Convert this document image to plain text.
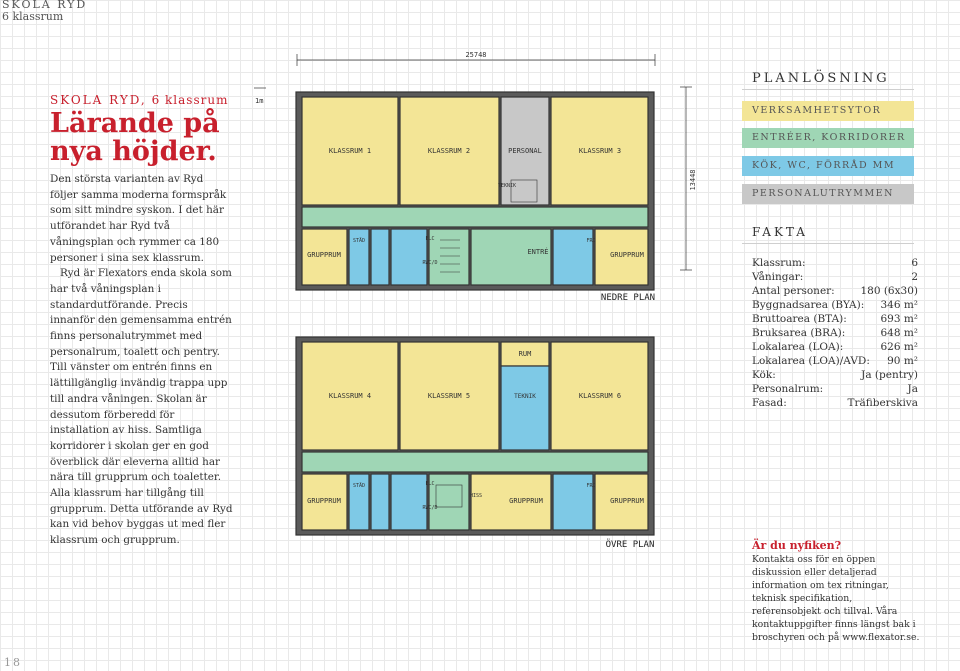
SKOLA RYD
6 klassrum
SKOLA RYD, 6 klassrum
Lärande på
nya höjder.

Den största varianten av Ryd följer samma moderna formspråk som sitt mindre syskon. I det här utförandet har Ryd två våningsplan och rymmer ca 180 personer i sina sex klassrum.
Ryd är Flexators enda skola som har två våningsplan i standardutförande. Precis innanför den gemensamma entrén finns personalutrymmet med personalrum, toalett och pentry. Till vänster om entrén finns en lättillgänglig invändig trappa upp till andra våningen. Skolan är dessutom förberedd för installation av hiss. Samtliga korridorer i skolan ger en god överblick där eleverna alltid har nära till grupprum och toaletter. Alla klassrum har tillgång till grupprum. Detta utförande av Ryd kan vid behov byggas ut med fler klassrum och grupprum.

18
25748
13448
1m
KLASSRUM 1	KLASSRUM 2	PERSONAL	KLASSRUM 3
TEKNIK
GRUPPRUM
STÄD	ELC
RWC/D
ENTRÉ
FRD
GRUPPRUM
NEDRE PLAN
KLASSRUM 4	KLASSRUM 5
RUM
TEKNIK	KLASSRUM 6
GRUPPRUM
STÄD	ELC
RWC/D
HISS
GRUPPRUM
FRD
GRUPPRUM
ÖVRE PLAN
PLANLÖSNING
VERKSAMHETSYTOR
ENTRÉER, KORRIDORER
KÖK, WC, FÖRRÅD MM
PERSONALUTRYMMEN
FAKTA
Klassrum:	6
Våningar:	2
Antal personer: 180 (6x30)
Byggnadsarea (BYA): 346 m²
Bruttoarea (BTA):	693 m²
Bruksarea (BRA):	648 m²
Lokalarea (LOA):	626 m²
Lokalarea (LOA)/AVD: 90 m²
Kök:	Ja (pentry)
Personalrum:	Ja
Fasad:	Träfiberskiva
Är du nyfiken?

Kontakta oss för en öppen diskussion eller detaljerad information om tex ritningar, teknisk specifikation, referensobjekt och tillval. Våra kontaktuppgifter finns längst bak i broschyren och på www.flexator.se.
